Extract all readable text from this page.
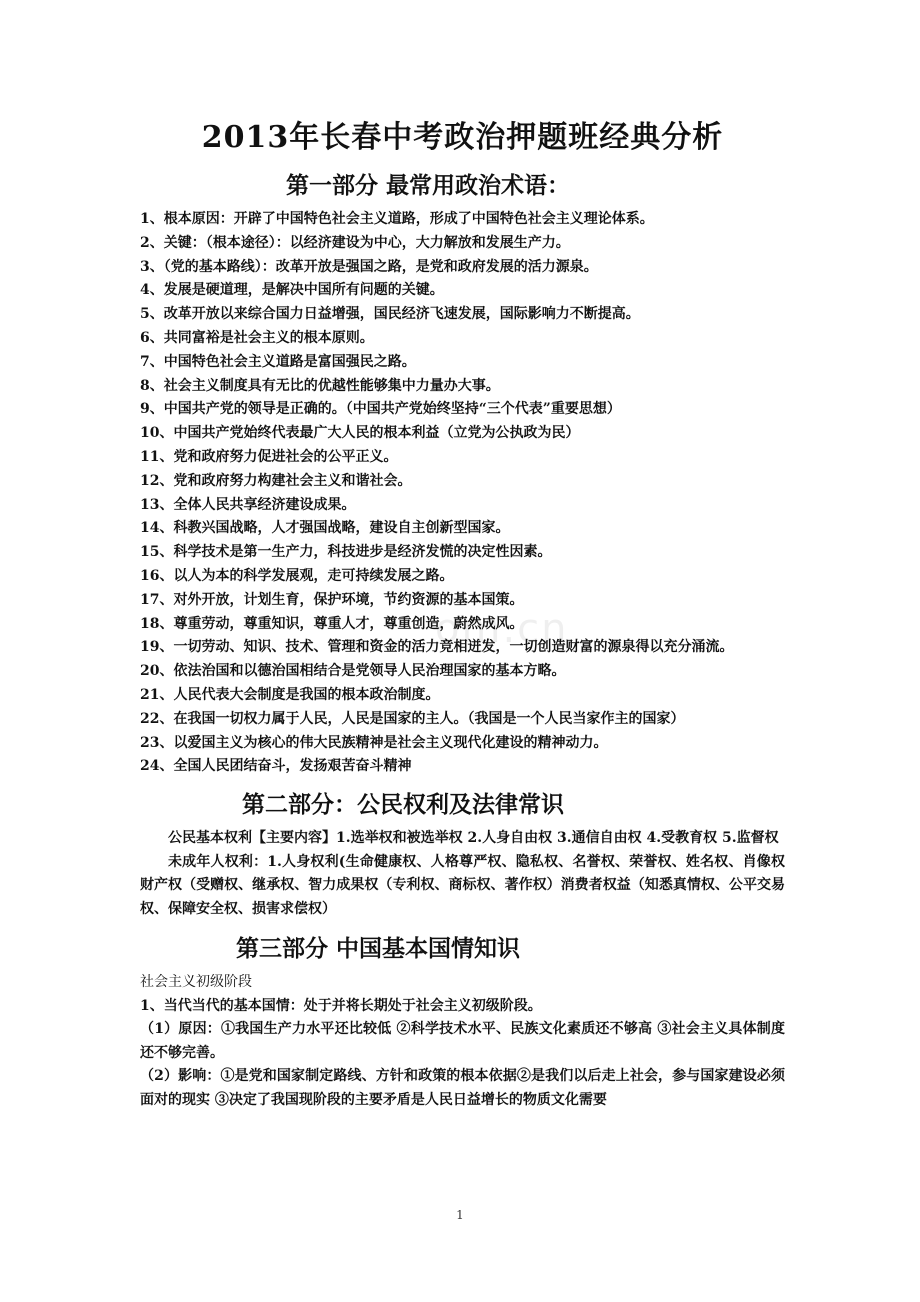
2013年长春中考政治押题班经典分析
第一部分 最常用政治术语：
1、根本原因：开辟了中国特色社会主义道路，形成了中国特色社会主义理论体系。
2、关键：（根本途径）：以经济建设为中心，大力解放和发展生产力。
3、（党的基本路线）：改革开放是强国之路，是党和政府发展的活力源泉。
4、发展是硬道理，是解决中国所有问题的关键。
5、改革开放以来综合国力日益增强，国民经济飞速发展，国际影响力不断提高。
6、共同富裕是社会主义的根本原则。
7、中国特色社会主义道路是富国强民之路。
8、社会主义制度具有无比的优越性能够集中力量办大事。
9、中国共产党的领导是正确的。（中国共产党始终坚持“三个代表”重要思想）
10、中国共产党始终代表最广大人民的根本利益（立党为公执政为民）
11、党和政府努力促进社会的公平正义。
12、党和政府努力构建社会主义和谐社会。
13、全体人民共享经济建设成果。
14、科教兴国战略，人才强国战略，建设自主创新型国家。
15、科学技术是第一生产力，科技进步是经济发慌的决定性因素。
16、以人为本的科学发展观，走可持续发展之路。
17、对外开放，计划生育，保护环境，节约资源的基本国策。
18、尊重劳动，尊重知识，尊重人才，尊重创造，蔚然成风。
19、一切劳动、知识、技术、管理和资金的活力竞相迸发，一切创造财富的源泉得以充分涌流。
20、依法治国和以德治国相结合是党领导人民治理国家的基本方略。
21、人民代表大会制度是我国的根本政治制度。
22、在我国一切权力属于人民，人民是国家的主人。（我国是一个人民当家作主的国家）
23、以爱国主义为核心的伟大民族精神是社会主义现代化建设的精神动力。
24、全国人民团结奋斗，发扬艰苦奋斗精神
第二部分：公民权利及法律常识

公民基本权利【主要内容】1.选举权和被选举权 2.人身自由权 3.通信自由权 4.受教育权 5.监督权

未成年人权利：1.人身权利(生命健康权、人格尊严权、隐私权、名誉权、荣誉权、姓名权、肖像权 财产权（受赠权、继承权、智力成果权（专利权、商标权、著作权）消费者权益（知悉真情权、公平交易权、保障安全权、损害求偿权）

第三部分 中国基本国情知识

社会主义初级阶段

1、当代当代的基本国情：处于并将长期处于社会主义初级阶段。

（1）原因：①我国生产力水平还比较低 ②科学技术水平、民族文化素质还不够高 ③社会主义具体制度还不够完善。

（2）影响：①是党和国家制定路线、方针和政策的根本依据②是我们以后走上社会，参与国家建设必须面对的现实 ③决定了我国现阶段的主要矛盾是人民日益增长的物质文化需要

om.cn
1
